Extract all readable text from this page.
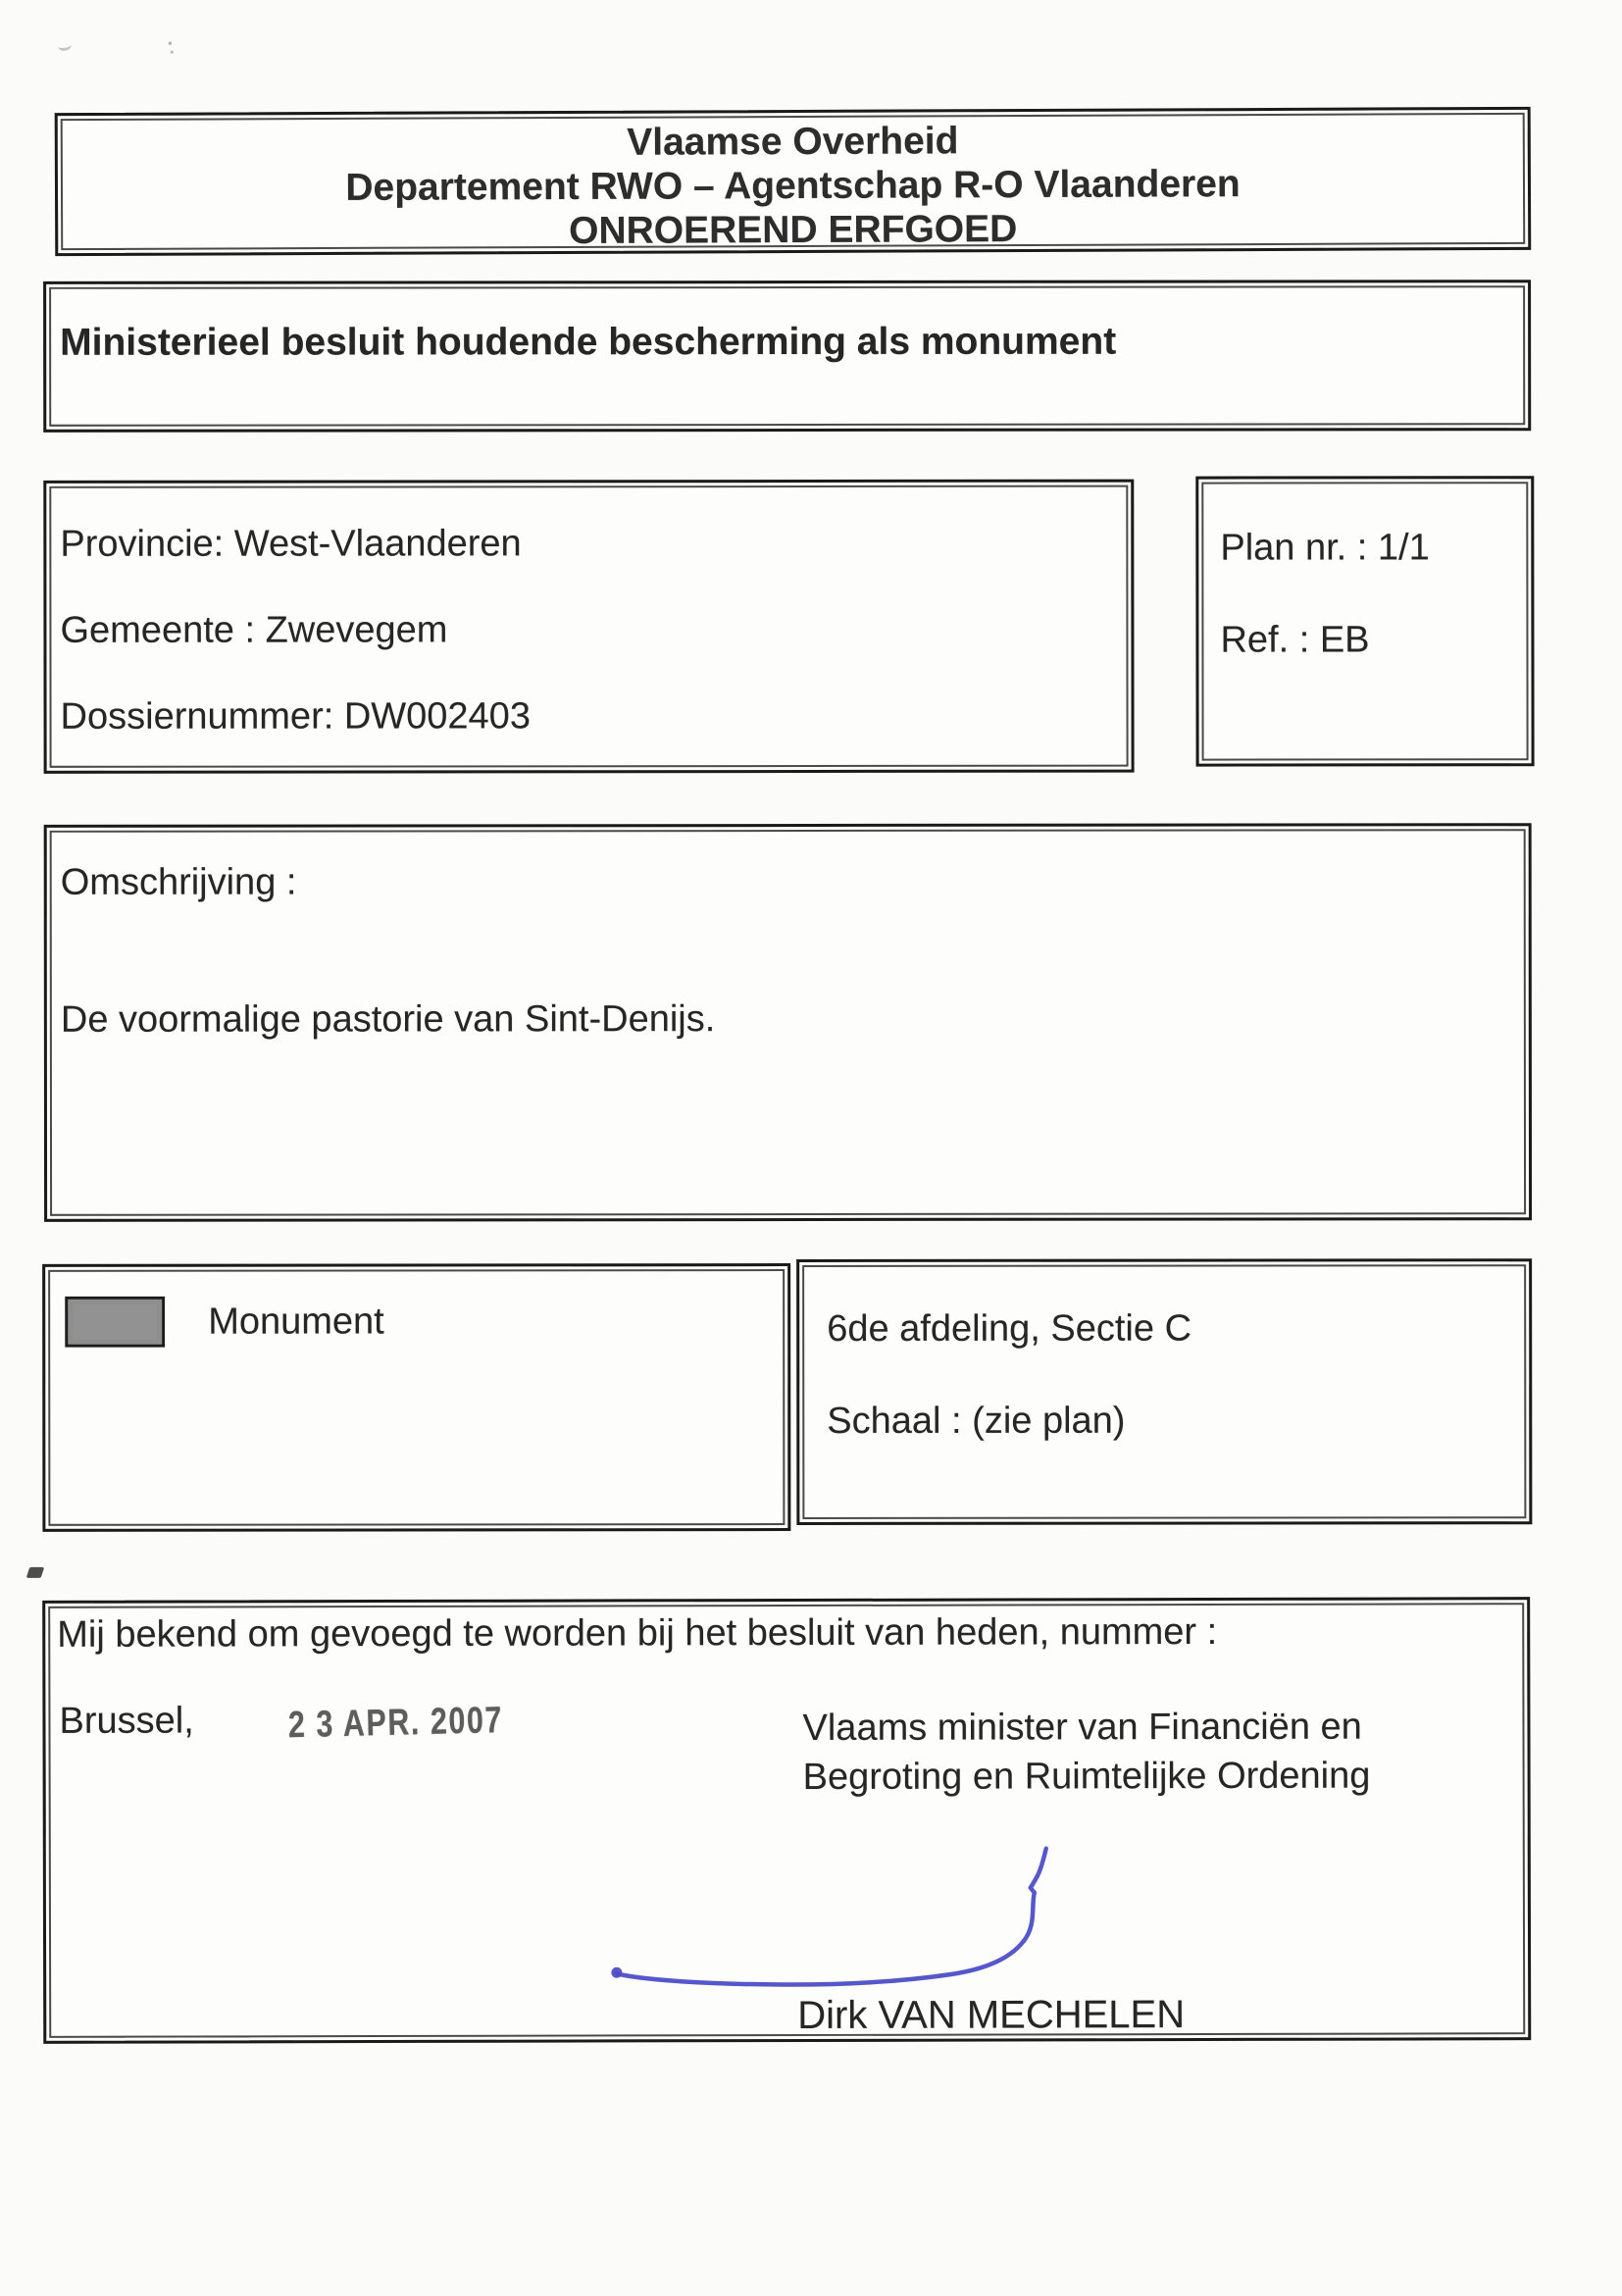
Vlaamse Overheid
Departement RWO – Agentschap R-O Vlaanderen
ONROEREND ERFGOED
Ministerieel besluit houdende bescherming als monument
Provincie: West-Vlaanderen
Gemeente : Zwevegem
Dossiernummer: DW002403
Plan nr. : 1/1
Ref. : EB
Omschrijving :
De voormalige pastorie van Sint-Denijs.
Monument	6de afdeling, Sectie C
Schaal : (zie plan)
Mij bekend om gevoegd te worden bij het besluit van heden, nummer :
Brussel,	2 3 APR. 2007	Vlaams minister van Financiën en
Begroting en Ruimtelijke Ordening
Dirk VAN MECHELEN
